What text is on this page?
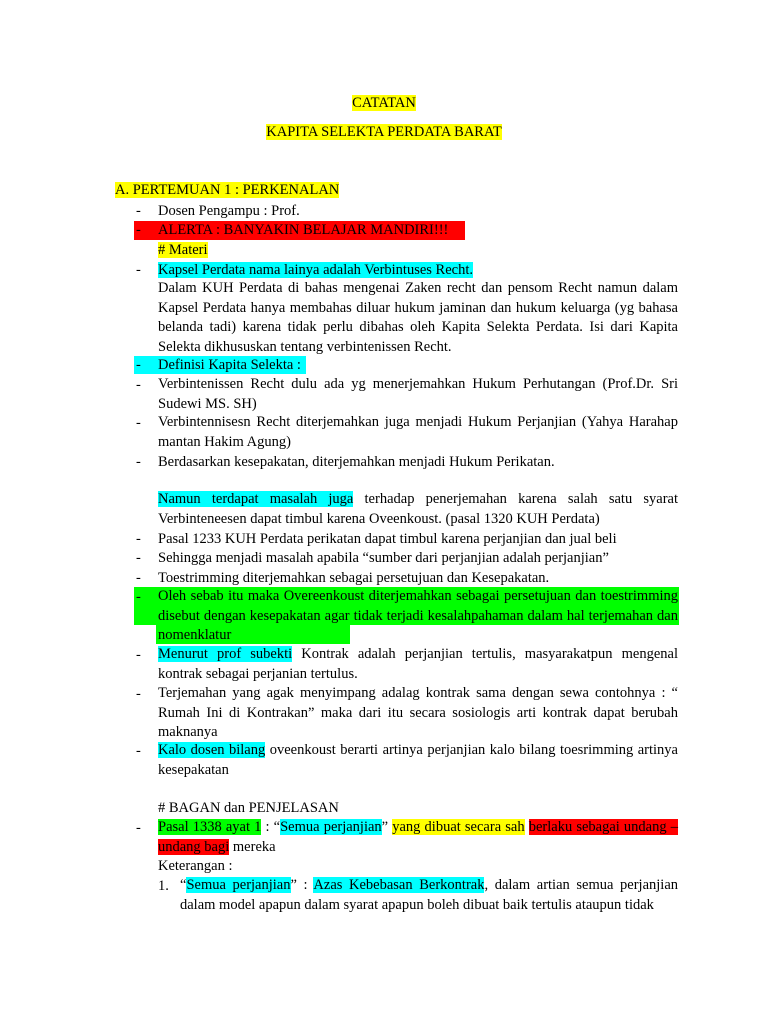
CATATAN
KAPITA SELEKTA PERDATA BARAT
A. PERTEMUAN 1 : PERKENALAN
- Dosen Pengampu : Prof.
- ALERTA : BANYAKIN BELAJAR MANDIRI!!!
# Materi
- Kapsel Perdata nama lainya adalah Verbintuses Recht.
Dalam KUH Perdata di bahas mengenai Zaken recht dan pensom Recht namun dalam Kapsel Perdata hanya membahas diluar hukum jaminan dan hukum keluarga (yg bahasa belanda tadi) karena tidak perlu dibahas oleh Kapita Selekta Perdata. Isi dari Kapita Selekta dikhususkan tentang verbintenissen Recht.
- Definisi Kapita Selekta :
- Verbintenissen Recht dulu ada yg menerjemahkan Hukum Perhutangan (Prof.Dr. Sri Sudewi MS. SH)
- Verbintennisesn Recht diterjemahkan juga menjadi Hukum Perjanjian (Yahya Harahap mantan Hakim Agung)
- Berdasarkan kesepakatan, diterjemahkan menjadi Hukum Perikatan.
Namun terdapat masalah juga terhadap penerjemahan karena salah satu syarat Verbinteneesen dapat timbul karena Oveenkoust. (pasal 1320 KUH Perdata)
- Pasal 1233 KUH Perdata perikatan dapat timbul karena perjanjian dan jual beli
- Sehingga menjadi masalah apabila “sumber dari perjanjian adalah perjanjian”
- Toestrimming diterjemahkan sebagai persetujuan dan Kesepakatan.
- Oleh sebab itu maka Overeenkoust diterjemahkan sebagai persetujuan dan toestrimming disebut dengan kesepakatan agar tidak terjadi kesalahpahaman dalam hal terjemahan dan nomenklatur
- Menurut prof subekti Kontrak adalah perjanjian tertulis, masyarakatpun mengenal kontrak sebagai perjanian tertulus.
- Terjemahan yang agak menyimpang adalag kontrak sama dengan sewa contohnya : “ Rumah Ini di Kontrakan” maka dari itu secara sosiologis arti kontrak dapat berubah maknanya
- Kalo dosen bilang oveenkoust berarti artinya perjanjian kalo bilang toesrimming artinya kesepakatan
# BAGAN dan PENJELASAN
- Pasal 1338 ayat 1 : “Semua perjanjian” yang dibuat secara sah berlaku sebagai undang – undang bagi mereka
Keterangan :
1. “Semua perjanjian” : Azas Kebebasan Berkontrak, dalam artian semua perjanjian dalam model apapun dalam syarat apapun boleh dibuat baik tertulis ataupun tidak
